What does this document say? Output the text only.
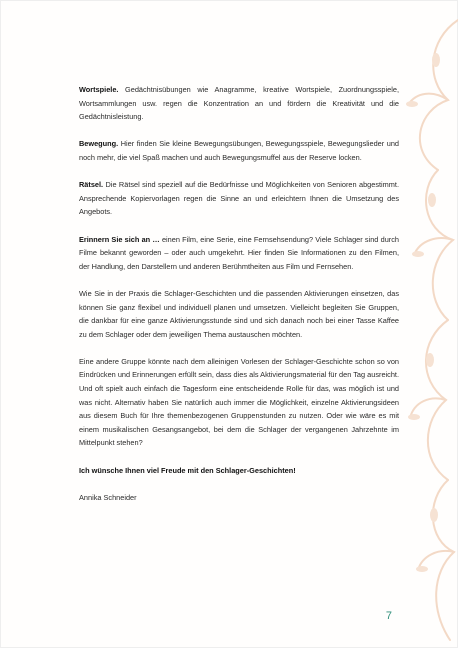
Wortspiele. Gedächtnisübungen wie Anagramme, kreative Wortspiele, Zuordnungsspiele, Wortsammlungen usw. regen die Konzentration an und fördern die Kreativität und die Gedächtnisleistung.

Bewegung. Hier finden Sie kleine Bewegungsübungen, Bewegungsspiele, Bewegungslieder und noch mehr, die viel Spaß machen und auch Bewegungsmuffel aus der Reserve locken.

Rätsel. Die Rätsel sind speziell auf die Bedürfnisse und Möglichkeiten von Senioren abgestimmt. Ansprechende Kopiervorlagen regen die Sinne an und erleichtern Ihnen die Umsetzung des Angebots.

Erinnern Sie sich an … einen Film, eine Serie, eine Fernsehsendung? Viele Schlager sind durch Filme bekannt geworden – oder auch umgekehrt. Hier finden Sie Informationen zu den Filmen, der Handlung, den Darstellern und anderen Berühmtheiten aus Film und Fernsehen.

Wie Sie in der Praxis die Schlager-Geschichten und die passenden Aktivierungen einsetzen, das können Sie ganz flexibel und individuell planen und umsetzen. Vielleicht begleiten Sie Gruppen, die dankbar für eine ganze Aktivierungsstunde sind und sich danach noch bei einer Tasse Kaffee zu dem Schlager oder dem jeweiligen Thema austauschen möchten.

Eine andere Gruppe könnte nach dem alleinigen Vorlesen der Schlager-Geschichte schon so von Eindrücken und Erinnerungen erfüllt sein, dass dies als Aktivierungsmaterial für den Tag ausreicht. Und oft spielt auch einfach die Tagesform eine entscheidende Rolle für das, was möglich ist und was nicht. Alternativ haben Sie natürlich auch immer die Möglichkeit, einzelne Aktivierungsideen aus diesem Buch für Ihre themenbezogenen Gruppenstunden zu nutzen. Oder wie wäre es mit einem musikalischen Gesangsangebot, bei dem die Schlager der vergangenen Jahrzehnte im Mittelpunkt stehen?

Ich wünsche Ihnen viel Freude mit den Schlager-Geschichten!

Annika Schneider

7
